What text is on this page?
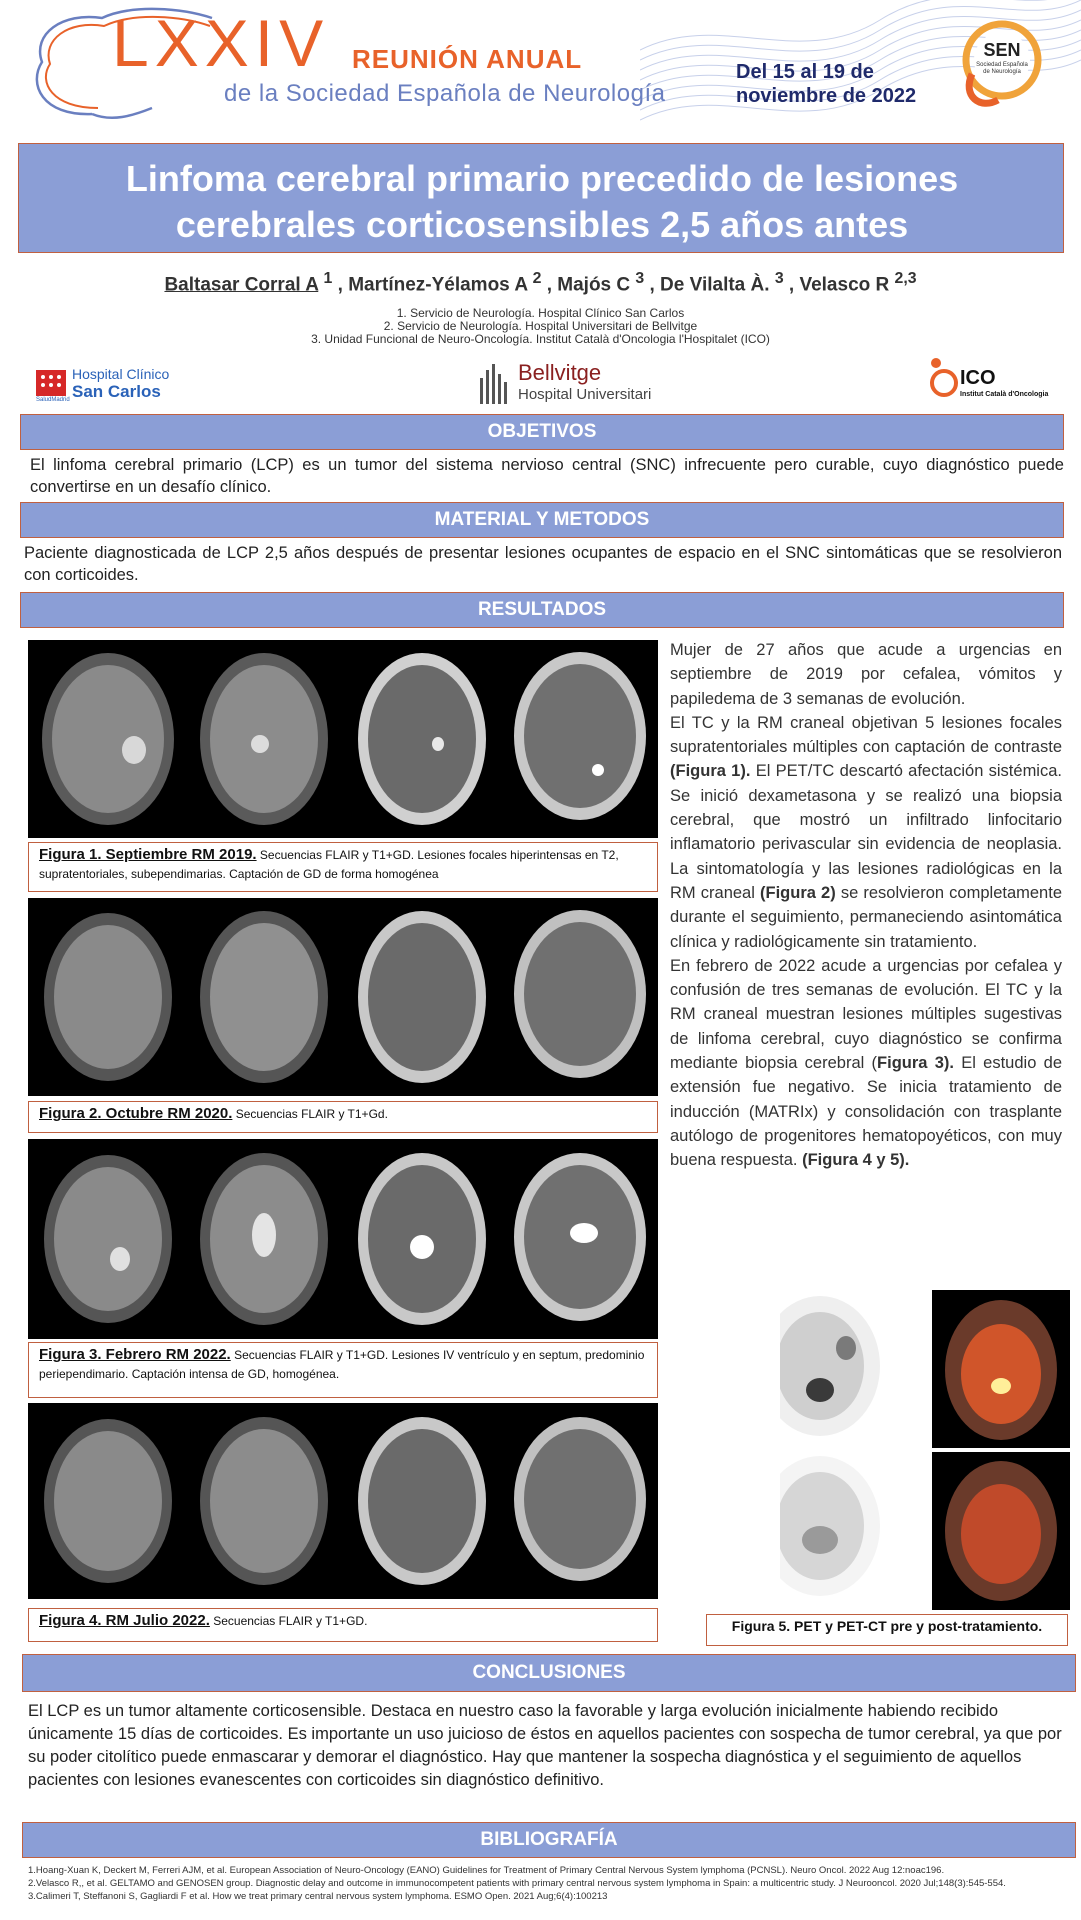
LXXIV REUNIÓN ANUAL
de la Sociedad Española de Neurología
Del 15 al 19 de
noviembre de 2022
SEN
Sociedad Española
de Neurología
Linfoma cerebral primario precedido de lesiones
cerebrales corticosensibles 2,5 años antes
Baltasar Corral A $^1$ , Martínez-Yélamos A $^2$ , Majós C $^3$ , De Vilalta À. $^3$ , Velasco R $^{2,3}$
1. Servicio de Neurología. Hospital Clínico San Carlos
2. Servicio de Neurología. Hospital Universitari de Bellvitge
3. Unidad Funcional de Neuro-Oncología. Institut Català d'Oncologia l'Hospitalet (ICO)
SaludMadrid
Hospital Clínico
San Carlos
Bellvitge
Hospital Universitari
ICO
Institut Català d'Oncologia
OBJETIVOS
El linfoma cerebral primario (LCP) es un tumor del sistema nervioso central (SNC) infrecuente pero curable, cuyo diagnóstico puede convertirse en un desafío clínico.
MATERIAL Y METODOS
Paciente diagnosticada de LCP 2,5 años después de presentar lesiones ocupantes de espacio en el SNC sintomáticas que se resolvieron con corticoides.
RESULTADOS
Figura 1. Septiembre RM 2019. Secuencias FLAIR y T1+GD. Lesiones focales hiperintensas en T2, supratentoriales, subependimarias. Captación de GD de forma homogénea
Figura 2. Octubre RM 2020. Secuencias FLAIR y T1+Gd.
Figura 3. Febrero RM 2022. Secuencias FLAIR y T1+GD. Lesiones IV ventrículo y en septum, predominio periependimario. Captación intensa de GD, homogénea.
Figura 4. RM Julio 2022. Secuencias FLAIR y T1+GD.
Mujer de 27 años que acude a urgencias en septiembre de 2019 por cefalea, vómitos y papiledema de 3 semanas de evolución.
El TC y la RM craneal objetivan 5 lesiones focales supratentoriales múltiples con captación de contraste (Figura 1). El PET/TC descartó afectación sistémica. Se inició dexametasona y se realizó una biopsia cerebral, que mostró un infiltrado linfocitario inflamatorio perivascular sin evidencia de neoplasia. La sintomatología y las lesiones radiológicas en la RM craneal (Figura 2) se resolvieron completamente durante el seguimiento, permaneciendo asintomática clínica y radiológicamente sin tratamiento.
En febrero de 2022 acude a urgencias por cefalea y confusión de tres semanas de evolución. El TC y la RM craneal muestran lesiones múltiples sugestivas de linfoma cerebral, cuyo diagnóstico se confirma mediante biopsia cerebral (Figura 3). El estudio de extensión fue negativo. Se inicia tratamiento de inducción (MATRIx) y consolidación con trasplante autólogo de progenitores hematopoyéticos, con muy buena respuesta. (Figura 4 y 5).
Figura 5. PET y PET-CT pre y post-tratamiento.
CONCLUSIONES
El LCP es un tumor altamente corticosensible. Destaca en nuestro caso la favorable y larga evolución inicialmente habiendo recibido únicamente 15 días de corticoides. Es importante un uso juicioso de éstos en aquellos pacientes con sospecha de tumor cerebral, ya que por su poder citolítico puede enmascarar y demorar el diagnóstico. Hay que mantener la sospecha diagnóstica y el seguimiento de aquellos pacientes con lesiones evanescentes con corticoides sin diagnóstico definitivo.
BIBLIOGRAFÍA
1.Hoang-Xuan K, Deckert M, Ferreri AJM, et al. European Association of Neuro-Oncology (EANO) Guidelines for Treatment of Primary Central Nervous System lymphoma (PCNSL). Neuro Oncol. 2022 Aug 12:noac196.
2.Velasco R,, et al. GELTAMO and GENOSEN group. Diagnostic delay and outcome in immunocompetent patients with primary central nervous system lymphoma in Spain: a multicentric study. J Neurooncol. 2020 Jul;148(3):545-554.
3.Calimeri T, Steffanoni S, Gagliardi F et al. How we treat primary central nervous system lymphoma. ESMO Open. 2021 Aug;6(4):100213
